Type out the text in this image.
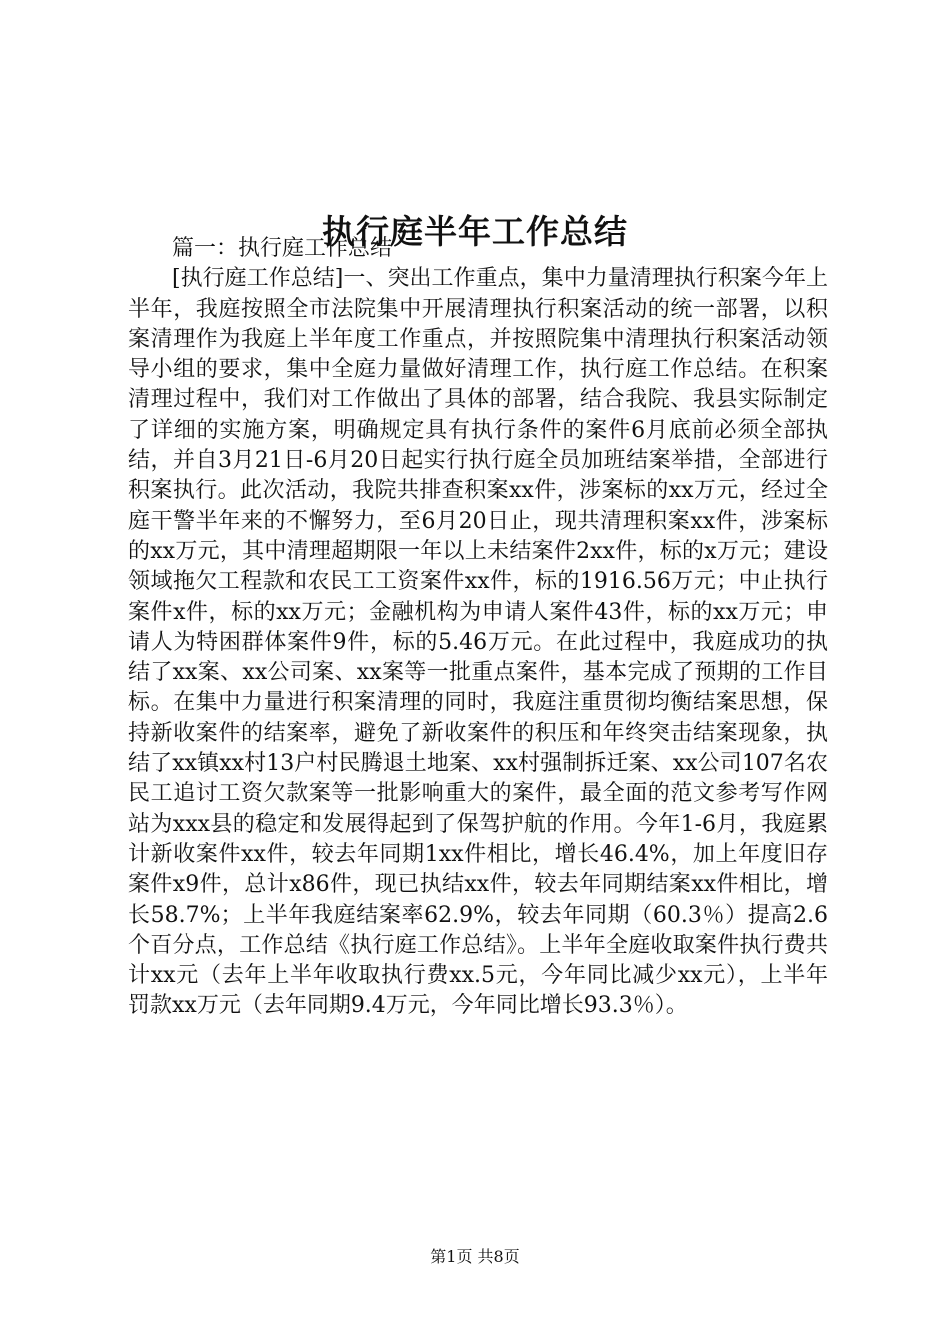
执行庭半年工作总结

篇一：执行庭工作总结

[执行庭工作总结]一、突出工作重点，集中力量清理执行积案今年上半年，我庭按照全市法院集中开展清理执行积案活动的统一部署，以积案清理作为我庭上半年度工作重点，并按照院集中清理执行积案活动领导小组的要求，集中全庭力量做好清理工作，执行庭工作总结。在积案清理过程中，我们对工作做出了具体的部署，结合我院、我县实际制定了详细的实施方案，明确规定具有执行条件的案件6月底前必须全部执结，并自3月21日-6月20日起实行执行庭全员加班结案举措，全部进行积案执行。此次活动，我院共排查积案xx件，涉案标的xx万元，经过全庭干警半年来的不懈努力，至6月20日止，现共清理积案xx件，涉案标的xx万元，其中清理超期限一年以上未结案件2xx件，标的x万元；建设领域拖欠工程款和农民工工资案件xx件，标的1916.56万元；中止执行案件x件，标的xx万元；金融机构为申请人案件43件，标的xx万元；申请人为特困群体案件9件，标的5.46万元。在此过程中，我庭成功的执结了xx案、xx公司案、xx案等一批重点案件，基本完成了预期的工作目标。在集中力量进行积案清理的同时，我庭注重贯彻均衡结案思想，保持新收案件的结案率，避免了新收案件的积压和年终突击结案现象，执结了xx镇xx村13户村民腾退土地案、xx村强制拆迁案、xx公司107名农民工追讨工资欠款案等一批影响重大的案件，最全面的范文参考写作网站为xxx县的稳定和发展得起到了保驾护航的作用。今年1-6月，我庭累计新收案件xx件，较去年同期1xx件相比，增长46.4%，加上年度旧存案件x9件，总计x86件，现已执结xx件，较去年同期结案xx件相比，增长58.7%；上半年我庭结案率62.9%，较去年同期（60.3％）提高2.6个百分点，工作总结《执行庭工作总结》。上半年全庭收取案件执行费共计xx元（去年上半年收取执行费xx.5元，今年同比减少xx元），上半年罚款xx万元（去年同期9.4万元，今年同比增长93.3％）。

第1页 共8页
